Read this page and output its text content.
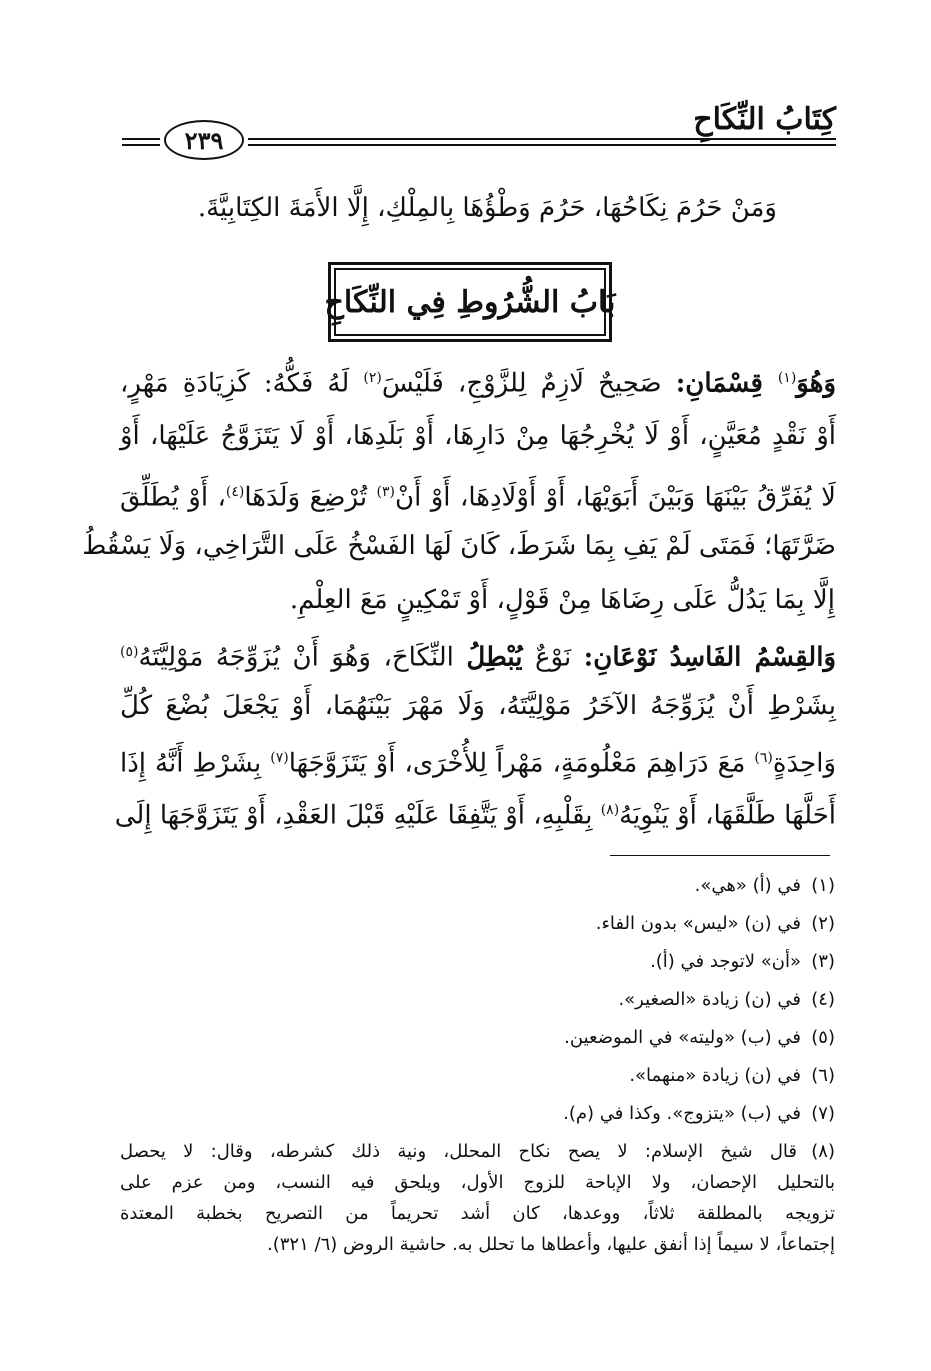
كِتَابُ النِّكَاحِ
٢٣٩
وَمَنْ حَرُمَ نِكَاحُهَا، حَرُمَ وَطْؤُهَا بِالمِلْكِ، إِلَّا الأَمَةَ الكِتَابِيَّةَ.
بَابُ الشُّرُوطِ فِي النِّكَاحِ
وَهُوَ$^{(١)}$ قِسْمَانِ: صَحِيحٌ لَازِمٌ لِلزَّوْجِ، فَلَيْسَ$^{(٢)}$ لَهُ فَكُّهُ: كَزِيَادَةِ مَهْرٍ،
أَوْ نَقْدٍ مُعَيَّنٍ، أَوْ لَا يُخْرِجُهَا مِنْ دَارِهَا، أَوْ بَلَدِهَا، أَوْ لَا يَتَزَوَّجُ عَلَيْهَا، أَوْ
لَا يُفَرِّقُ بَيْنَهَا وَبَيْنَ أَبَوَيْهَا، أَوْ أَوْلَادِهَا، أَوْ أَنْ$^{(٣)}$ تُرْضِعَ وَلَدَهَا$^{(٤)}$، أَوْ يُطَلِّقَ
ضَرَّتَهَا؛ فَمَتَى لَمْ يَفِ بِمَا شَرَطَ، كَانَ لَهَا الفَسْخُ عَلَى التَّرَاخِي، وَلَا يَسْقُطُ
إِلَّا بِمَا يَدُلُّ عَلَى رِضَاهَا مِنْ قَوْلٍ، أَوْ تَمْكِينٍ مَعَ العِلْمِ.
وَالقِسْمُ الفَاسِدُ نَوْعَانِ: نَوْعٌ يُبْطِلُ النِّكَاحَ، وَهُوَ أَنْ يُزَوِّجَهُ مَوْلِيَّتَهُ$^{(٥)}$
بِشَرْطِ أَنْ يُزَوِّجَهُ الآخَرُ مَوْلِيَّتَهُ، وَلَا مَهْرَ بَيْنَهُمَا، أَوْ يَجْعَلَ بُضْعَ كُلِّ
وَاحِدَةٍ$^{(٦)}$ مَعَ دَرَاهِمَ مَعْلُومَةٍ، مَهْراً لِلأُخْرَى، أَوْ يَتَزَوَّجَهَا$^{(٧)}$ بِشَرْطِ أَنَّهُ إِذَا
أَحَلَّهَا طَلَّقَهَا، أَوْ يَنْوِيَهُ$^{(٨)}$ بِقَلْبِهِ، أَوْ يَتَّفِقَا عَلَيْهِ قَبْلَ العَقْدِ، أَوْ يَتَزَوَّجَهَا إِلَى
(١)في (أ) «هي».
(٢)في (ن) «ليس» بدون الفاء.
(٣)«أن» لاتوجد في (أ).
(٤)في (ن) زيادة «الصغير».
(٥)في (ب) «وليته» في الموضعين.
(٦)في (ن) زيادة «منهما».
(٧)في (ب) «يتزوج». وكذا في (م).
(٨)قال شيخ الإسلام: لا يصح نكاح المحلل، ونية ذلك كشرطه، وقال: لا يحصل
بالتحليل الإحصان، ولا الإباحة للزوج الأول، ويلحق فيه النسب، ومن عزم على
تزويجه بالمطلقة ثلاثاً، ووعدها، كان أشد تحريماً من التصريح بخطبة المعتدة
إجتماعاً، لا سيماً إذا أنفق عليها، وأعطاها ما تحلل به. حاشية الروض (٦/ ٣٢١).
